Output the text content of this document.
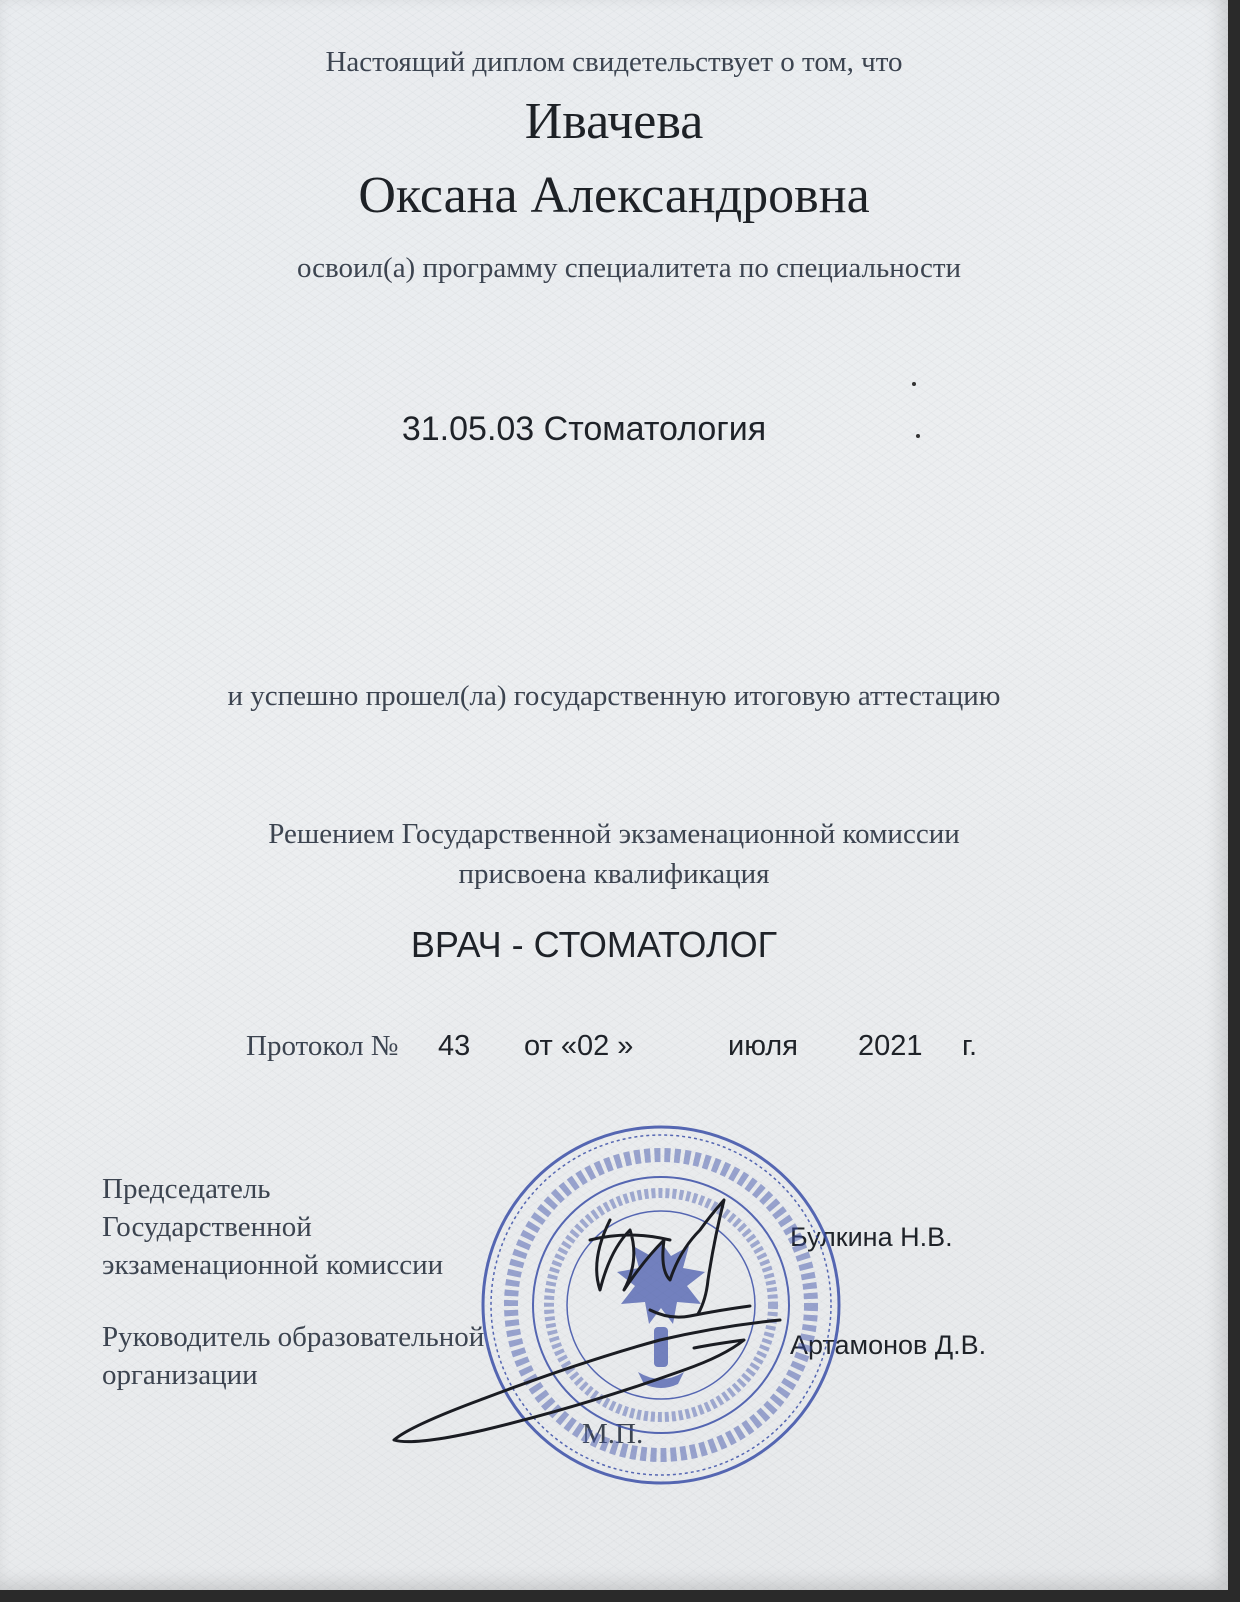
Настоящий диплом свидетельствует о том, что
Ивачева
Оксана Александровна
освоил(а) программу специалитета по специальности
31.05.03 Стоматология
и успешно прошел(ла) государственную итоговую аттестацию
Решением Государственной экзаменационной комиссии
присвоена квалификация
ВРАЧ - СТОМАТОЛОГ
Протокол № 43 от «02 »	июля 2021 г.
Председатель
Государственной
экзаменационной комиссии
Булкина Н.В.
Руководитель образовательной
организации
Артамонов Д.В.
М.П.
